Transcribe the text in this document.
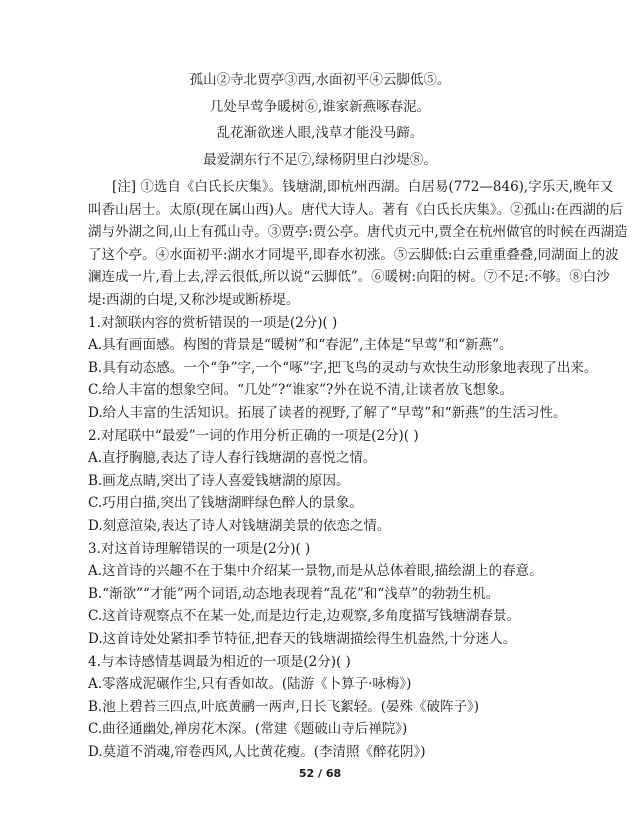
孤山②寺北贾亭③西,水面初平④云脚低⑤。
几处早莺争暖树⑥,谁家新燕啄春泥。
乱花渐欲迷人眼,浅草才能没马蹄。
最爱湖东行不足⑦,绿杨阴里白沙堤⑧。
[注] ①选自《白氏长庆集》。钱塘湖,即杭州西湖。白居易(772—846),字乐天,晚年又
叫香山居士。太原(现在属山西)人。唐代大诗人。著有《白氏长庆集》。②孤山:在西湖的后
湖与外湖之间,山上有孤山寺。③贾亭:贾公亭。唐代贞元中,贾全在杭州做官的时候在西湖造
了这个亭。④水面初平:湖水才同堤平,即春水初涨。⑤云脚低:白云重重叠叠,同湖面上的波
澜连成一片,看上去,浮云很低,所以说“云脚低”。⑥暖树:向阳的树。⑦不足:不够。⑧白沙
堤:西湖的白堤,又称沙堤或断桥堤。
1.对颔联内容的赏析错误的一项是(2分)( )
A.具有画面感。构图的背景是“暖树”和“春泥”,主体是“早莺”和“新燕”。
B.具有动态感。一个“争”字,一个“啄”字,把飞鸟的灵动与欢快生动形象地表现了出来。
C.给人丰富的想象空间。“几处”?“谁家”?外在说不清,让读者放飞想象。
D.给人丰富的生活知识。拓展了读者的视野,了解了“早莺”和“新燕”的生活习性。
2.对尾联中“最爱”一词的作用分析正确的一项是(2分)( )
A.直抒胸臆,表达了诗人春行钱塘湖的喜悦之情。
B.画龙点睛,突出了诗人喜爱钱塘湖的原因。
C.巧用白描,突出了钱塘湖畔绿色醉人的景象。
D.刻意渲染,表达了诗人对钱塘湖美景的依恋之情。
3.对这首诗理解错误的一项是(2分)( )
A.这首诗的兴趣不在于集中介绍某一景物,而是从总体着眼,描绘湖上的春意。
B.“渐欲”“才能”两个词语,动态地表现着“乱花”和“浅草”的勃勃生机。
C.这首诗观察点不在某一处,而是边行走,边观察,多角度描写钱塘湖春景。
D.这首诗处处紧扣季节特征,把春天的钱塘湖描绘得生机盎然,十分迷人。
4.与本诗感情基调最为相近的一项是(2分)( )
A.零落成泥碾作尘,只有香如故。(陆游《卜算子·咏梅》)
B.池上碧苔三四点,叶底黄鹂一两声,日长飞絮轻。(晏殊《破阵子》)
C.曲径通幽处,禅房花木深。(常建《题破山寺后禅院》)
D.莫道不消魂,帘卷西风,人比黄花瘦。(李清照《醉花阴》)
52 / 68
